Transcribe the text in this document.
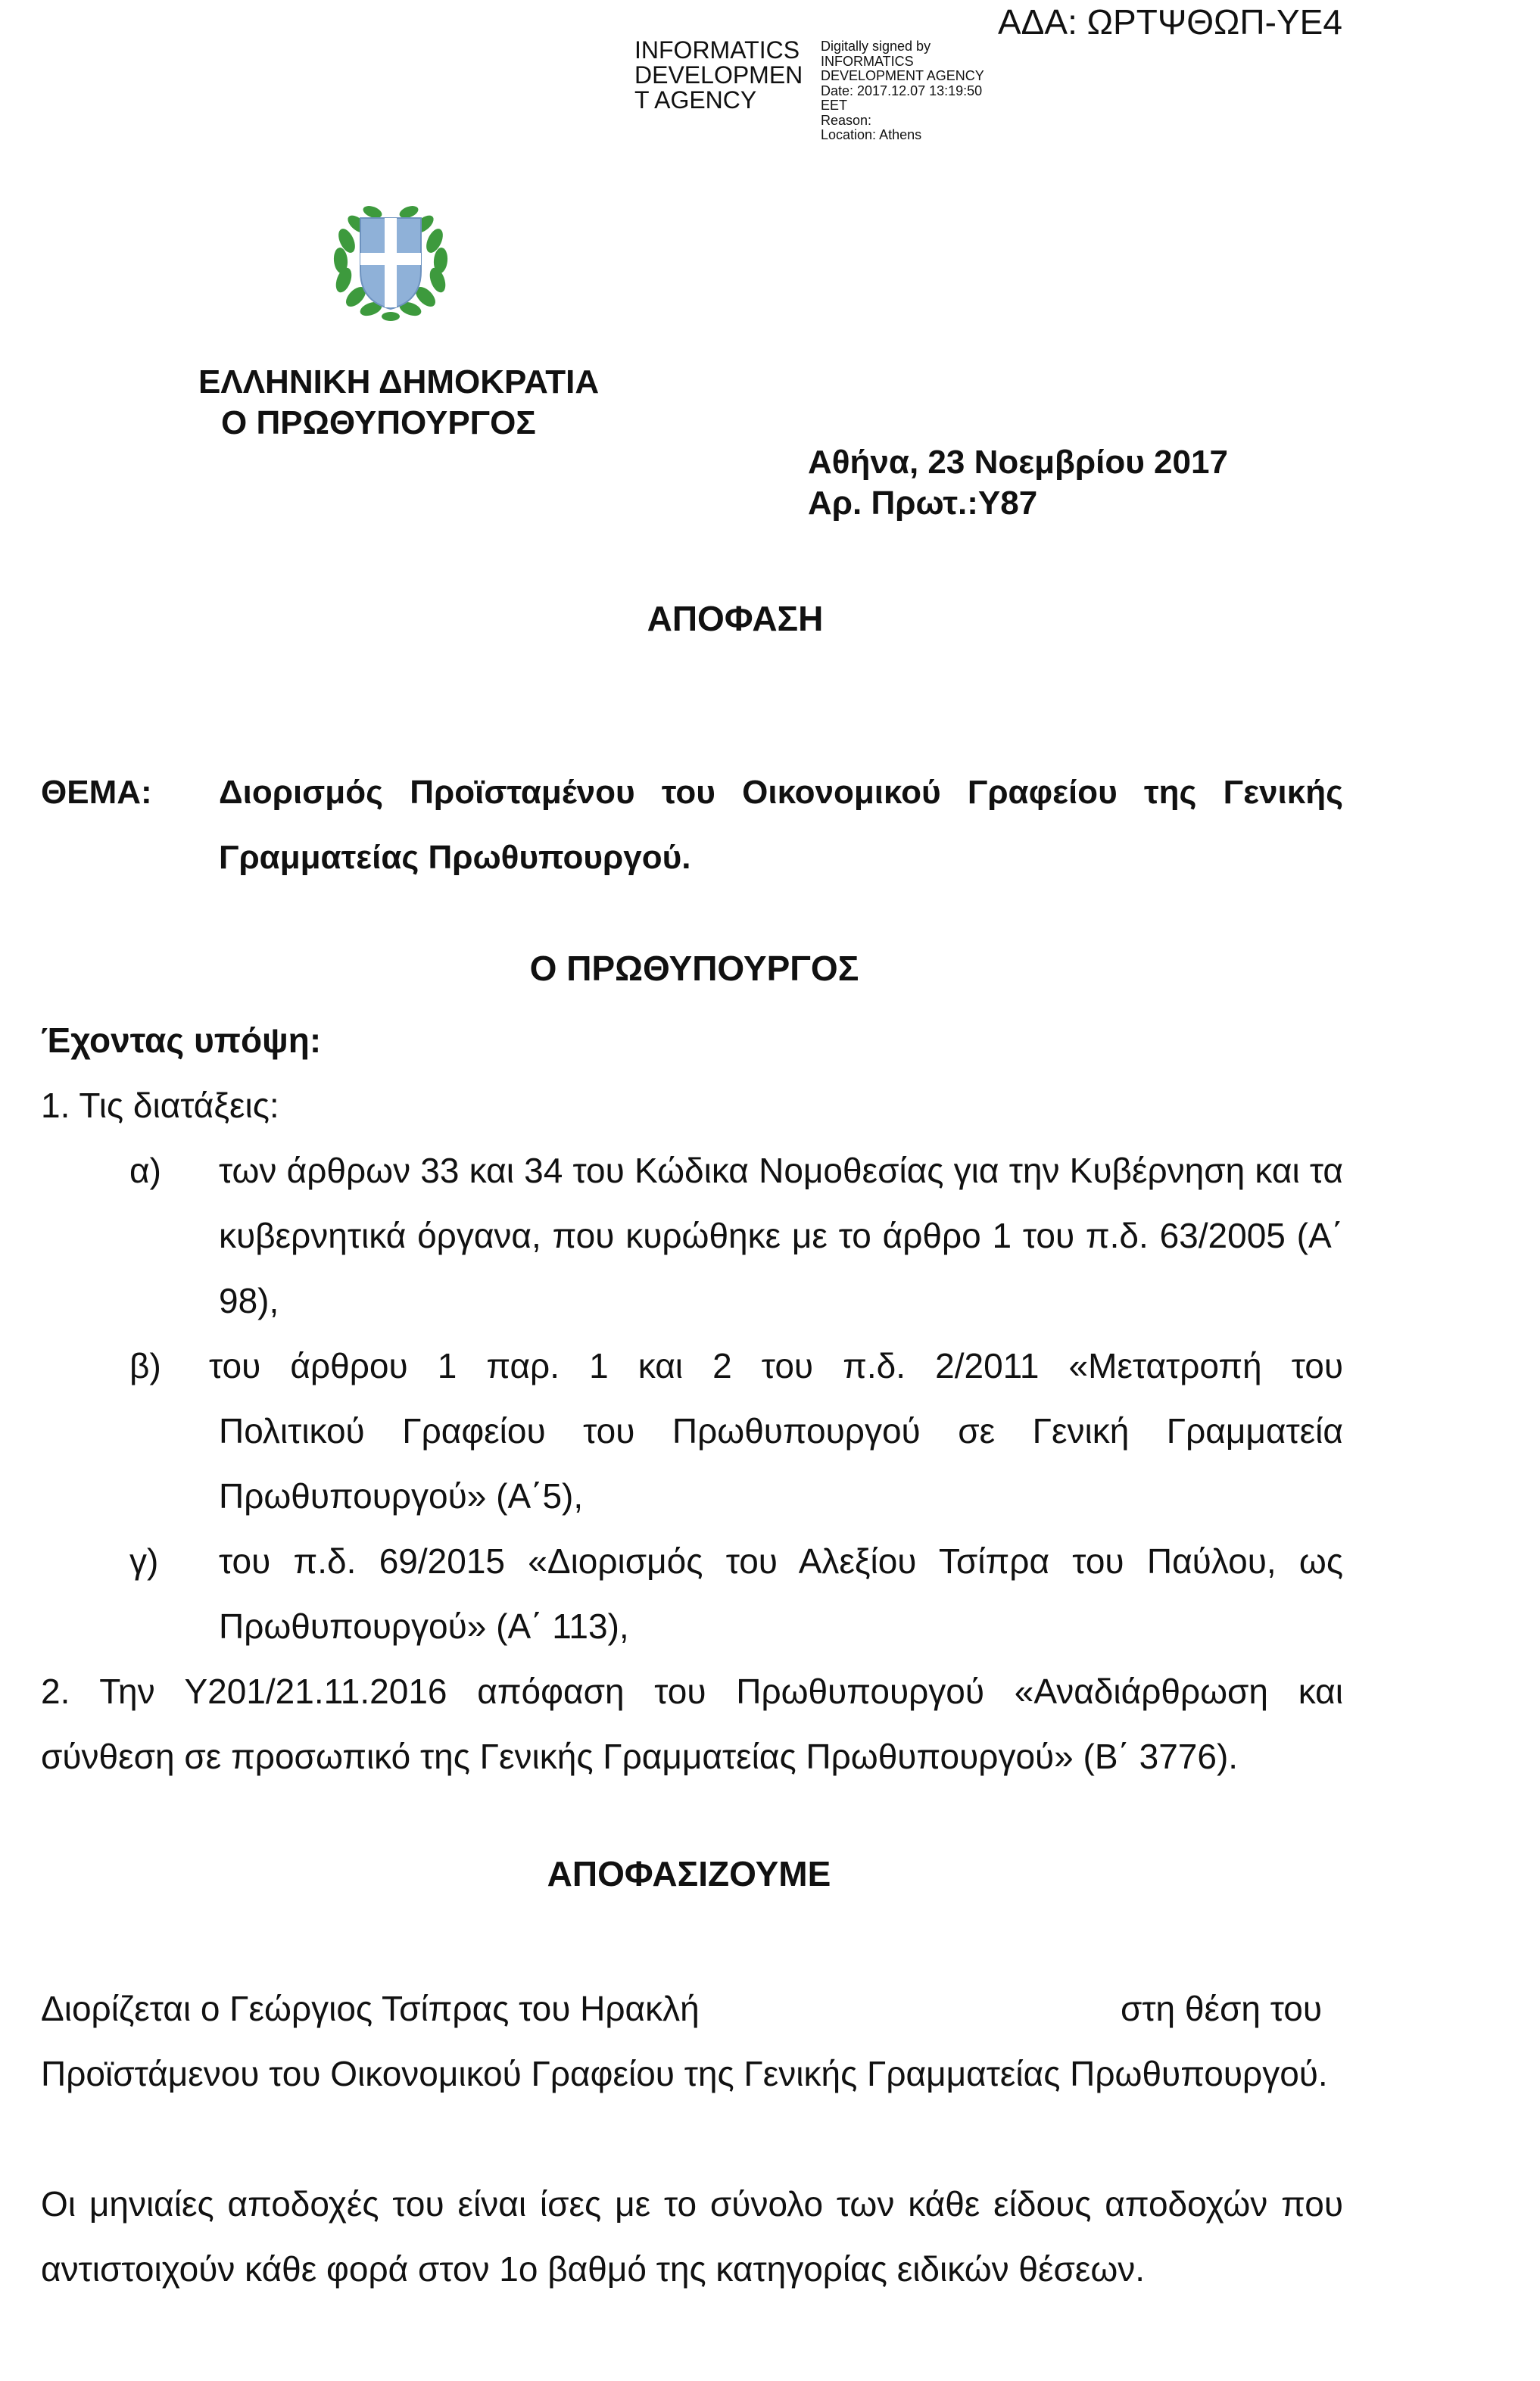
ΑΔΑ: ΩΡΤΨΘΩΠ-ΥΕ4
INFORMATICS
DEVELOPMEN
T AGENCY
Digitally signed by
INFORMATICS
DEVELOPMENT AGENCY
Date: 2017.12.07 13:19:50
EET
Reason:
Location: Athens
ΕΛΛΗΝΙΚΗ ΔΗΜΟΚΡΑΤΙΑ
Ο ΠΡΩΘΥΠΟΥΡΓΟΣ
Αθήνα, 23 Νοεμβρίου 2017
Αρ. Πρωτ.:Υ87
ΑΠΟΦΑΣΗ
ΘΕΜΑ: Διορισμός Προϊσταμένου του Οικονομικού Γραφείου της Γενικής Γραμματείας Πρωθυπουργού.
Ο ΠΡΩΘΥΠΟΥΡΓΟΣ
Έχοντας υπόψη:
1. Τις διατάξεις:
α) των άρθρων 33 και 34 του Κώδικα Νομοθεσίας για την Κυβέρνηση και τα κυβερνητικά όργανα, που κυρώθηκε με το άρθρο 1 του π.δ. 63/2005 (Α΄ 98),
β) του άρθρου 1 παρ. 1 και 2 του π.δ. 2/2011 «Μετατροπή του
Πολιτικού Γραφείου του Πρωθυπουργού σε Γενική Γραμματεία Πρωθυπουργού» (Α΄5),
γ) του π.δ. 69/2015 «Διορισμός του Αλεξίου Τσίπρα του Παύλου, ως Πρωθυπουργού» (Α΄ 113),
2. Την Υ201/21.11.2016 απόφαση του Πρωθυπουργού «Αναδιάρθρωση και σύνθεση σε προσωπικό της Γενικής Γραμματείας Πρωθυπουργού» (Β΄ 3776).
ΑΠΟΦΑΣΙΖΟΥΜΕ
Διορίζεται ο Γεώργιος Τσίπρας του Ηρακλή	στη θέση του
Προϊστάμενου του Οικονομικού Γραφείου της Γενικής Γραμματείας Πρωθυπουργού.
Οι μηνιαίες αποδοχές του είναι ίσες με το σύνολο των κάθε είδους αποδοχών που αντιστοιχούν κάθε φορά στον 1ο βαθμό της κατηγορίας ειδικών θέσεων.
